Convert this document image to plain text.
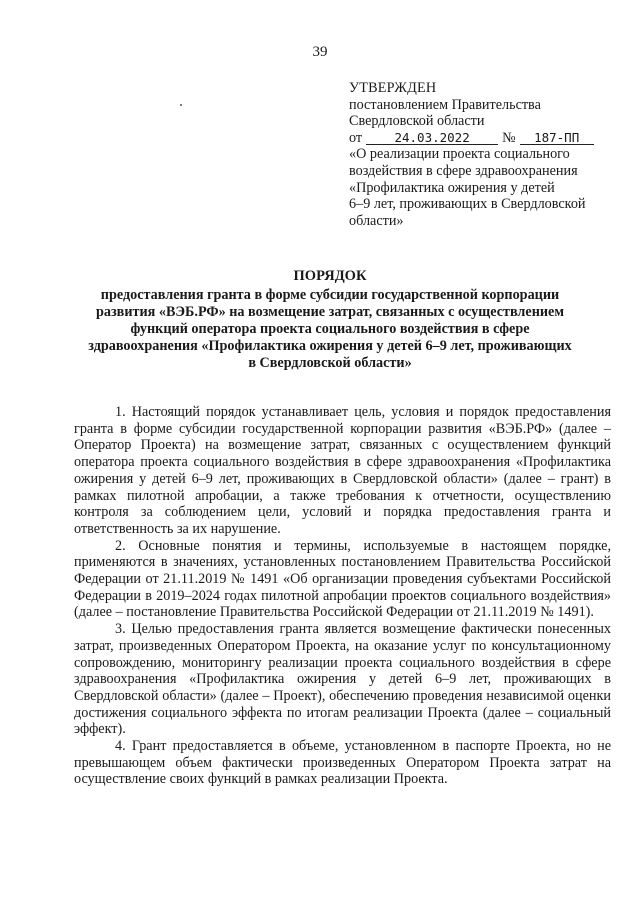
39
УТВЕРЖДЕН
постановлением Правительства
Свердловской области
от	24.03.2022	№	187-ПП
«О реализации проекта социального
воздействия в сфере здравоохранения
«Профилактика ожирения у детей
6–9 лет, проживающих в Свердловской
области»
ПОРЯДОК
предоставления гранта в форме субсидии государственной корпорации
развития «ВЭБ.РФ» на возмещение затрат, связанных с осуществлением
функций оператора проекта социального воздействия в сфере
здравоохранения «Профилактика ожирения у детей 6–9 лет, проживающих
в Свердловской области»

1. Настоящий порядок устанавливает цель, условия и порядок предоставления гранта в форме субсидии государственной корпорации развития «ВЭБ.РФ» (далее – Оператор Проекта) на возмещение затрат, связанных с осуществлением функций оператора проекта социального воздействия в сфере здравоохранения «Профилактика ожирения у детей 6–9 лет, проживающих в Свердловской области» (далее – грант) в рамках пилотной апробации, а также требования к отчетности, осуществлению контроля за соблюдением цели, условий и порядка предоставления гранта и ответственность за их нарушение.

2. Основные понятия и термины, используемые в настоящем порядке, применяются в значениях, установленных постановлением Правительства Российской Федерации от 21.11.2019 № 1491 «Об организации проведения субъектами Российской Федерации в 2019–2024 годах пилотной апробации проектов социального воздействия» (далее – постановление Правительства Российской Федерации от 21.11.2019 № 1491).

3. Целью предоставления гранта является возмещение фактически понесенных затрат, произведенных Оператором Проекта, на оказание услуг по консультационному сопровождению, мониторингу реализации проекта социального воздействия в сфере здравоохранения «Профилактика ожирения у детей 6–9 лет, проживающих в Свердловской области» (далее – Проект), обеспечению проведения независимой оценки достижения социального эффекта по итогам реализации Проекта (далее – социальный эффект).

4. Грант предоставляется в объеме, установленном в паспорте Проекта, но не превышающем объем фактически произведенных Оператором Проекта затрат на осуществление своих функций в рамках реализации Проекта.
